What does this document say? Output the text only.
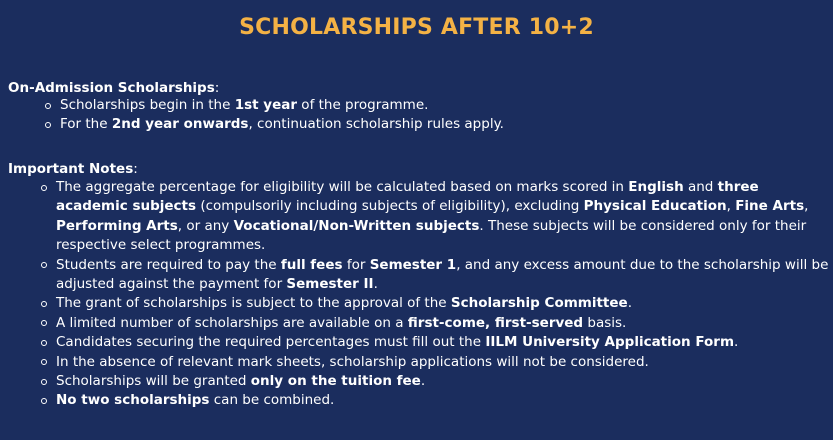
SCHOLARSHIPS AFTER 10+2

On-Admission Scholarships:

Scholarships begin in the 1st year of the programme.
For the 2nd year onwards, continuation scholarship rules apply.

Important Notes:

The aggregate percentage for eligibility will be calculated based on marks scored in English and three academic subjects (compulsorily including subjects of eligibility), excluding Physical Education, Fine Arts, Performing Arts, or any Vocational/Non-Written subjects. These subjects will be considered only for their respective select programmes.
Students are required to pay the full fees for Semester 1, and any excess amount due to the scholarship will be adjusted against the payment for Semester II.
The grant of scholarships is subject to the approval of the Scholarship Committee.
A limited number of scholarships are available on a first-come, first-served basis.
Candidates securing the required percentages must fill out the IILM University Application Form.
In the absence of relevant mark sheets, scholarship applications will not be considered.
Scholarships will be granted only on the tuition fee.
No two scholarships can be combined.
